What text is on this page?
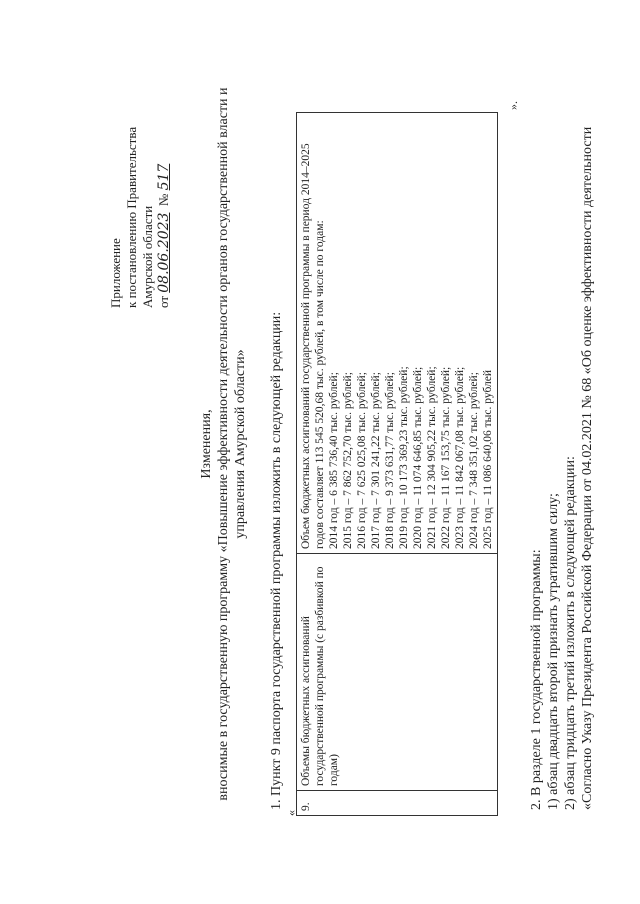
Приложение к постановлению Правительства Амурской области от 08.06.2023  № 517
Изменения, вносимые в государственную программу «Повышение эффективности деятельности органов государственной власти и управления Амурской области» 1. Пункт 9 паспорта государственной программы изложить в следующей редакции:
«
9.	Объемы бюджетных ассигнований государственной программы (с разбивкой по годам)	Объем бюджетных ассигнований государственной программы в период 2014–2025 годов составляет 113 545 520,68 тыс. рублей, в том числе по годам: 2014 год – 6 385 736,40 тыс. рублей; 2015 год – 7 862 752,70 тыс. рублей; 2016 год – 7 625 025,08 тыс. рублей; 2017 год – 7 301 241,22 тыс. рублей; 2018 год – 9 373 631,77 тыс. рублей; 2019 год – 10 173 369,23 тыс. рублей; 2020 год – 11 074 646,85 тыс. рублей; 2021 год – 12 304 905,22 тыс. рублей; 2022 год – 11 167 153,75 тыс. рублей; 2023 год – 11 842 067,08 тыс. рублей; 2024 год – 7 348 351,02 тыс. рублей; 2025 год – 11 086 640,06 тыс. рублей
».
2. В разделе 1 государственной программы: 1) абзац двадцать второй признать утратившим силу; 2) абзац тридцать третий изложить в следующей редакции: «Согласно Указу Президента Российской Федерации от 04.02.2021 № 68 «Об оценке эффективности деятельности
